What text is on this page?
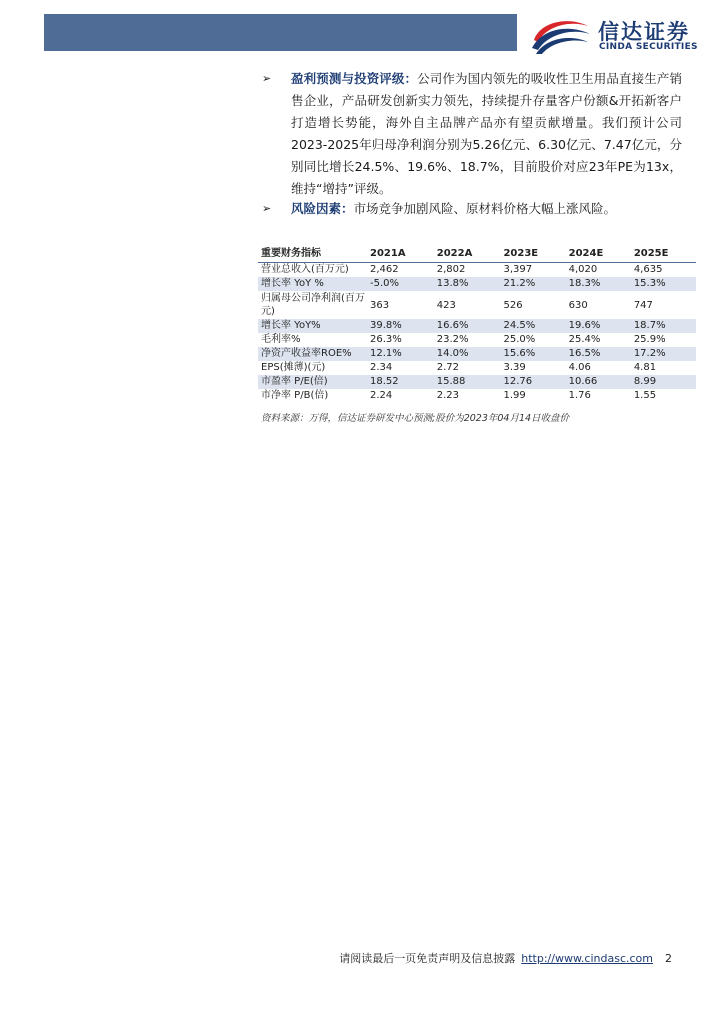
信达证券
CINDA SECURITIES
➢ 盈利预测与投资评级：公司作为国内领先的吸收性卫生用品直接生产销售企业，产品研发创新实力领先，持续提升存量客户份额&开拓新客户打造增长势能，海外自主品牌产品亦有望贡献增量。我们预计公司2023-2025年归母净利润分别为5.26亿元、6.30亿元、7.47亿元，分别同比增长24.5%、19.6%、18.7%，目前股价对应23年PE为13x，维持“增持”评级。
➢ 风险因素：市场竞争加剧风险、原材料价格大幅上涨风险。
重要财务指标	2021A	2022A	2023E	2024E	2025E
营业总收入(百万元)	2,462	2,802	3,397	4,020	4,635
增长率 YoY %	-5.0%	13.8%	21.2%	18.3%	15.3%
归属母公司净利润(百万元)	363	423	526	630	747
增长率 YoY%	39.8%	16.6%	24.5%	19.6%	18.7%
毛利率%	26.3%	23.2%	25.0%	25.4%	25.9%
净资产收益率ROE%	12.1%	14.0%	15.6%	16.5%	17.2%
EPS(摊薄)(元)	2.34	2.72	3.39	4.06	4.81
市盈率 P/E(倍)	18.52	15.88	12.76	10.66	8.99
市净率 P/B(倍)	2.24	2.23	1.99	1.76	1.55
资料来源：万得，信达证券研发中心预测;股价为2023年04月14日收盘价
请阅读最后一页免责声明及信息披露 http://www.cindasc.com 2
